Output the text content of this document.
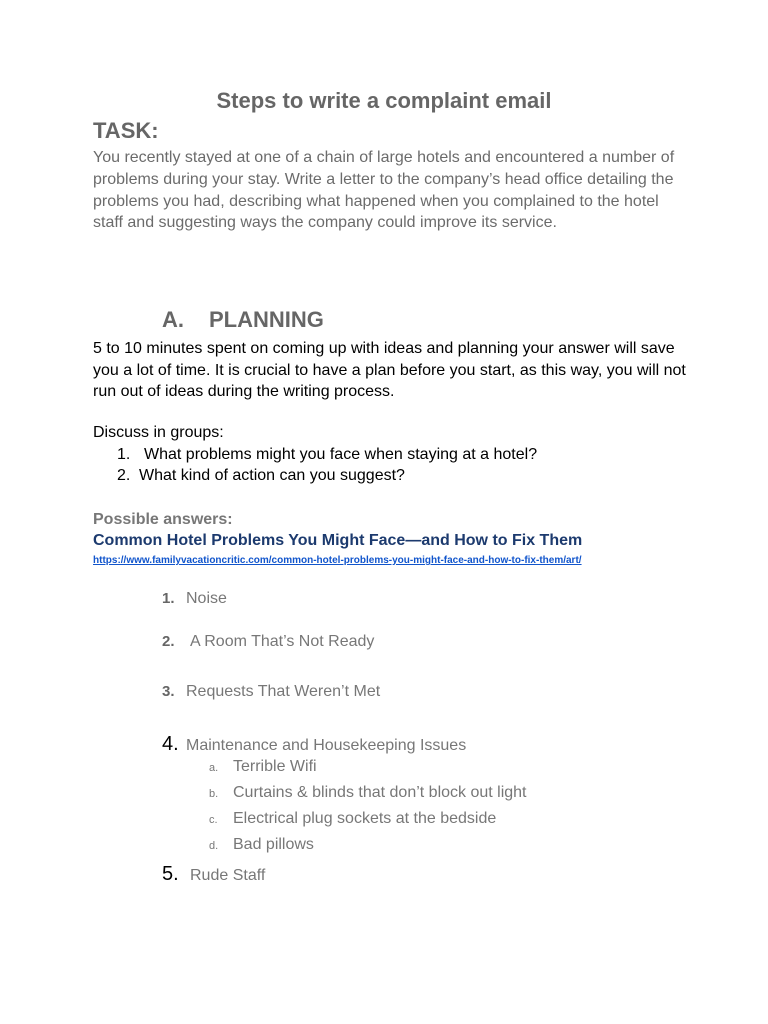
Steps to write a complaint email
TASK:
You recently stayed at one of a chain of large hotels and encountered a number of problems during your stay. Write a letter to the company’s head office detailing the problems you had, describing what happened when you complained to the hotel staff and suggesting ways the company could improve its service.
A. PLANNING
5 to 10 minutes spent on coming up with ideas and planning your answer will save you a lot of time. It is crucial to have a plan before you start, as this way, you will not run out of ideas during the writing process.
Discuss in groups:
1. What problems might you face when staying at a hotel?
2. What kind of action can you suggest?
Possible answers:
Common Hotel Problems You Might Face—and How to Fix Them
https://www.familyvacationcritic.com/common-hotel-problems-you-might-face-and-how-to-fix-them/art/
1. Noise
2. A Room That’s Not Ready
3. Requests That Weren’t Met
4. Maintenance and Housekeeping Issues
a. Terrible Wifi
b. Curtains & blinds that don’t block out light
c. Electrical plug sockets at the bedside
d. Bad pillows
5. Rude Staff
